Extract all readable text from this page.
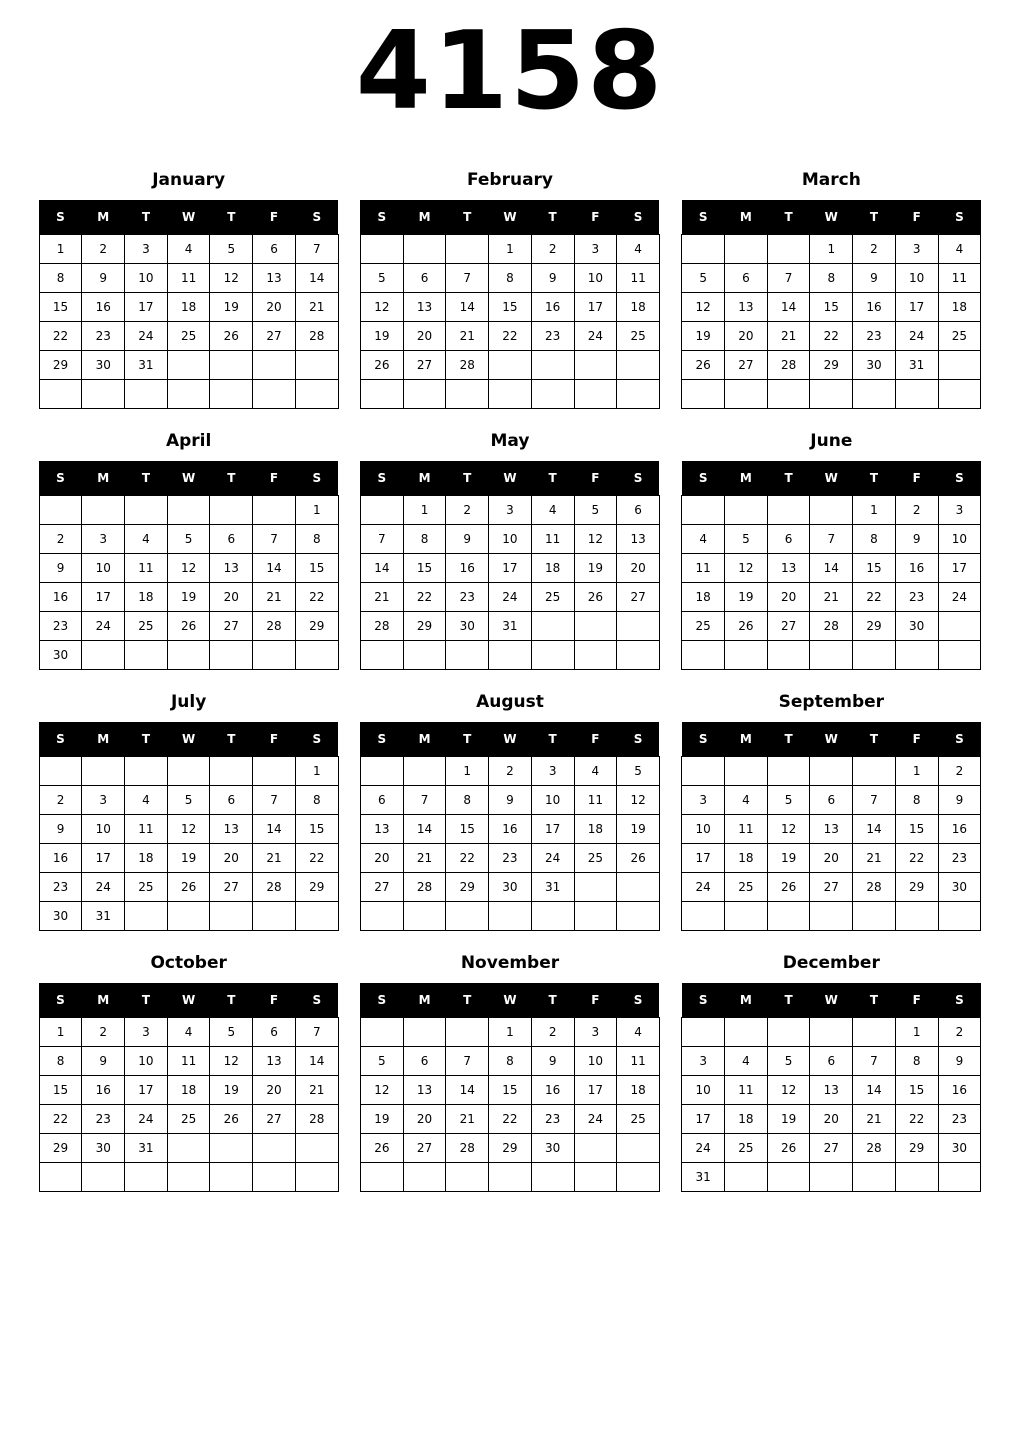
4158
January
S	M	T	W	T	F	S
1	2	3	4	5	6	7
8	9	10	11	12	13	14
15	16	17	18	19	20	21
22	23	24	25	26	27	28
29	30	31				

February
S	M	T	W	T	F	S
			1	2	3	4
5	6	7	8	9	10	11
12	13	14	15	16	17	18
19	20	21	22	23	24	25
26	27	28				

March
S	M	T	W	T	F	S
			1	2	3	4
5	6	7	8	9	10	11
12	13	14	15	16	17	18
19	20	21	22	23	24	25
26	27	28	29	30	31	

April
S	M	T	W	T	F	S
						1
2	3	4	5	6	7	8
9	10	11	12	13	14	15
16	17	18	19	20	21	22
23	24	25	26	27	28	29
30						
May
S	M	T	W	T	F	S
	1	2	3	4	5	6
7	8	9	10	11	12	13
14	15	16	17	18	19	20
21	22	23	24	25	26	27
28	29	30	31			

June
S	M	T	W	T	F	S
				1	2	3
4	5	6	7	8	9	10
11	12	13	14	15	16	17
18	19	20	21	22	23	24
25	26	27	28	29	30	

July
S	M	T	W	T	F	S
						1
2	3	4	5	6	7	8
9	10	11	12	13	14	15
16	17	18	19	20	21	22
23	24	25	26	27	28	29
30	31					
August
S	M	T	W	T	F	S
		1	2	3	4	5
6	7	8	9	10	11	12
13	14	15	16	17	18	19
20	21	22	23	24	25	26
27	28	29	30	31		

September
S	M	T	W	T	F	S
					1	2
3	4	5	6	7	8	9
10	11	12	13	14	15	16
17	18	19	20	21	22	23
24	25	26	27	28	29	30

October
S	M	T	W	T	F	S
1	2	3	4	5	6	7
8	9	10	11	12	13	14
15	16	17	18	19	20	21
22	23	24	25	26	27	28
29	30	31				

November
S	M	T	W	T	F	S
			1	2	3	4
5	6	7	8	9	10	11
12	13	14	15	16	17	18
19	20	21	22	23	24	25
26	27	28	29	30		

December
S	M	T	W	T	F	S
					1	2
3	4	5	6	7	8	9
10	11	12	13	14	15	16
17	18	19	20	21	22	23
24	25	26	27	28	29	30
31						
